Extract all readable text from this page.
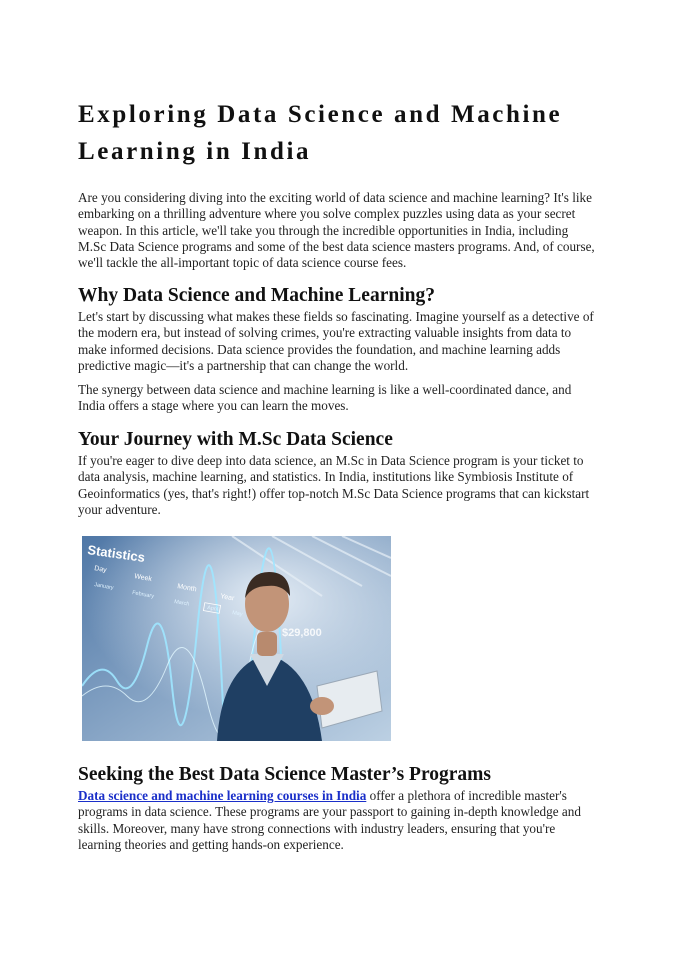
Exploring Data Science and Machine Learning in India

Are you considering diving into the exciting world of data science and machine learning? It's like embarking on a thrilling adventure where you solve complex puzzles using data as your secret weapon. In this article, we'll take you through the incredible opportunities in India, including M.Sc Data Science programs and some of the best data science masters programs. And, of course, we'll tackle the all-important topic of data science course fees.

Why Data Science and Machine Learning?

Let's start by discussing what makes these fields so fascinating. Imagine yourself as a detective of the modern era, but instead of solving crimes, you're extracting valuable insights from data to make informed decisions. Data science provides the foundation, and machine learning adds predictive magic—it's a partnership that can change the world.

The synergy between data science and machine learning is like a well-coordinated dance, and India offers a stage where you can learn the moves.

Your Journey with M.Sc Data Science

If you're eager to dive deep into data science, an M.Sc in Data Science program is your ticket to data analysis, machine learning, and statistics. In India, institutions like Symbiosis Institute of Geoinformatics (yes, that's right!) offer top-notch M.Sc Data Science programs that can kickstart your adventure.

Statistics
Day
Week
Month
Year
January
February
March
April
May
$29,800
Seeking the Best Data Science Master’s Programs

Data science and machine learning courses in India offer a plethora of incredible master's programs in data science. These programs are your passport to gaining in-depth knowledge and skills. Moreover, many have strong connections with industry leaders, ensuring that you're learning theories and getting hands-on experience.
